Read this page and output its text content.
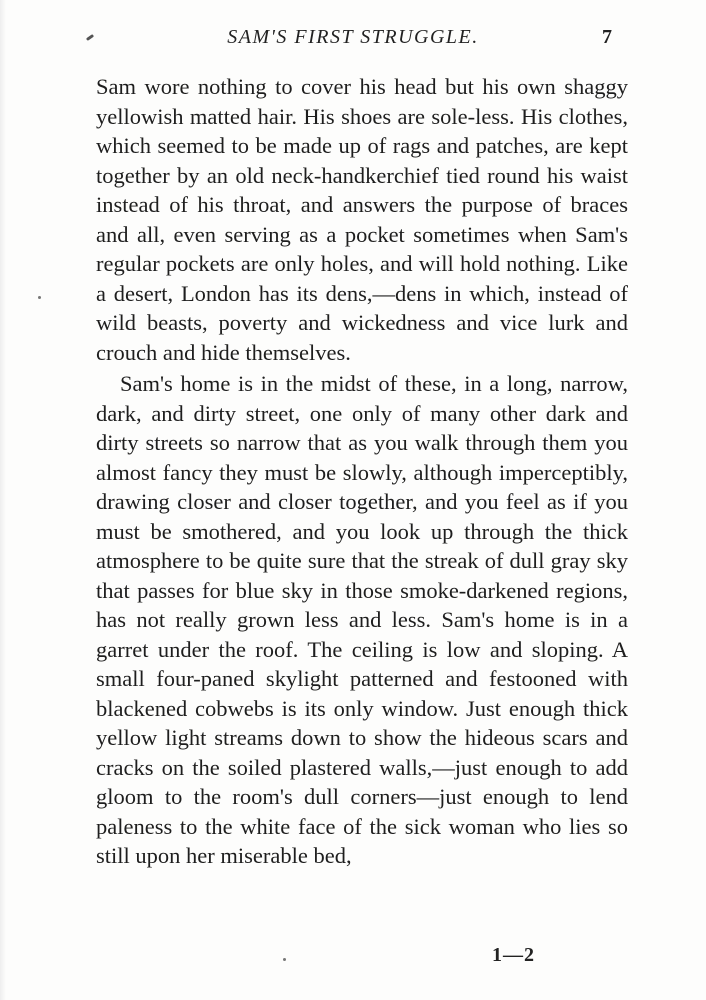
SAM'S FIRST STRUGGLE.	7

Sam wore nothing to cover his head but his own shaggy yellowish matted hair. His shoes are sole-less. His clothes, which seemed to be made up of rags and patches, are kept together by an old neck-handkerchief tied round his waist instead of his throat, and answers the purpose of braces and all, even serving as a pocket sometimes when Sam's regular pockets are only holes, and will hold nothing. Like a desert, London has its dens,—dens in which, instead of wild beasts, poverty and wickedness and vice lurk and crouch and hide themselves.

Sam's home is in the midst of these, in a long, narrow, dark, and dirty street, one only of many other dark and dirty streets so narrow that as you walk through them you almost fancy they must be slowly, although imperceptibly, drawing closer and closer together, and you feel as if you must be smothered, and you look up through the thick atmosphere to be quite sure that the streak of dull gray sky that passes for blue sky in those smoke-darkened regions, has not really grown less and less. Sam's home is in a garret under the roof. The ceiling is low and sloping. A small four-paned skylight patterned and festooned with blackened cobwebs is its only window. Just enough thick yellow light streams down to show the hideous scars and cracks on the soiled plastered walls,—just enough to add gloom to the room's dull corners—just enough to lend paleness to the white face of the sick woman who lies so still upon her miserable bed,

1—2
